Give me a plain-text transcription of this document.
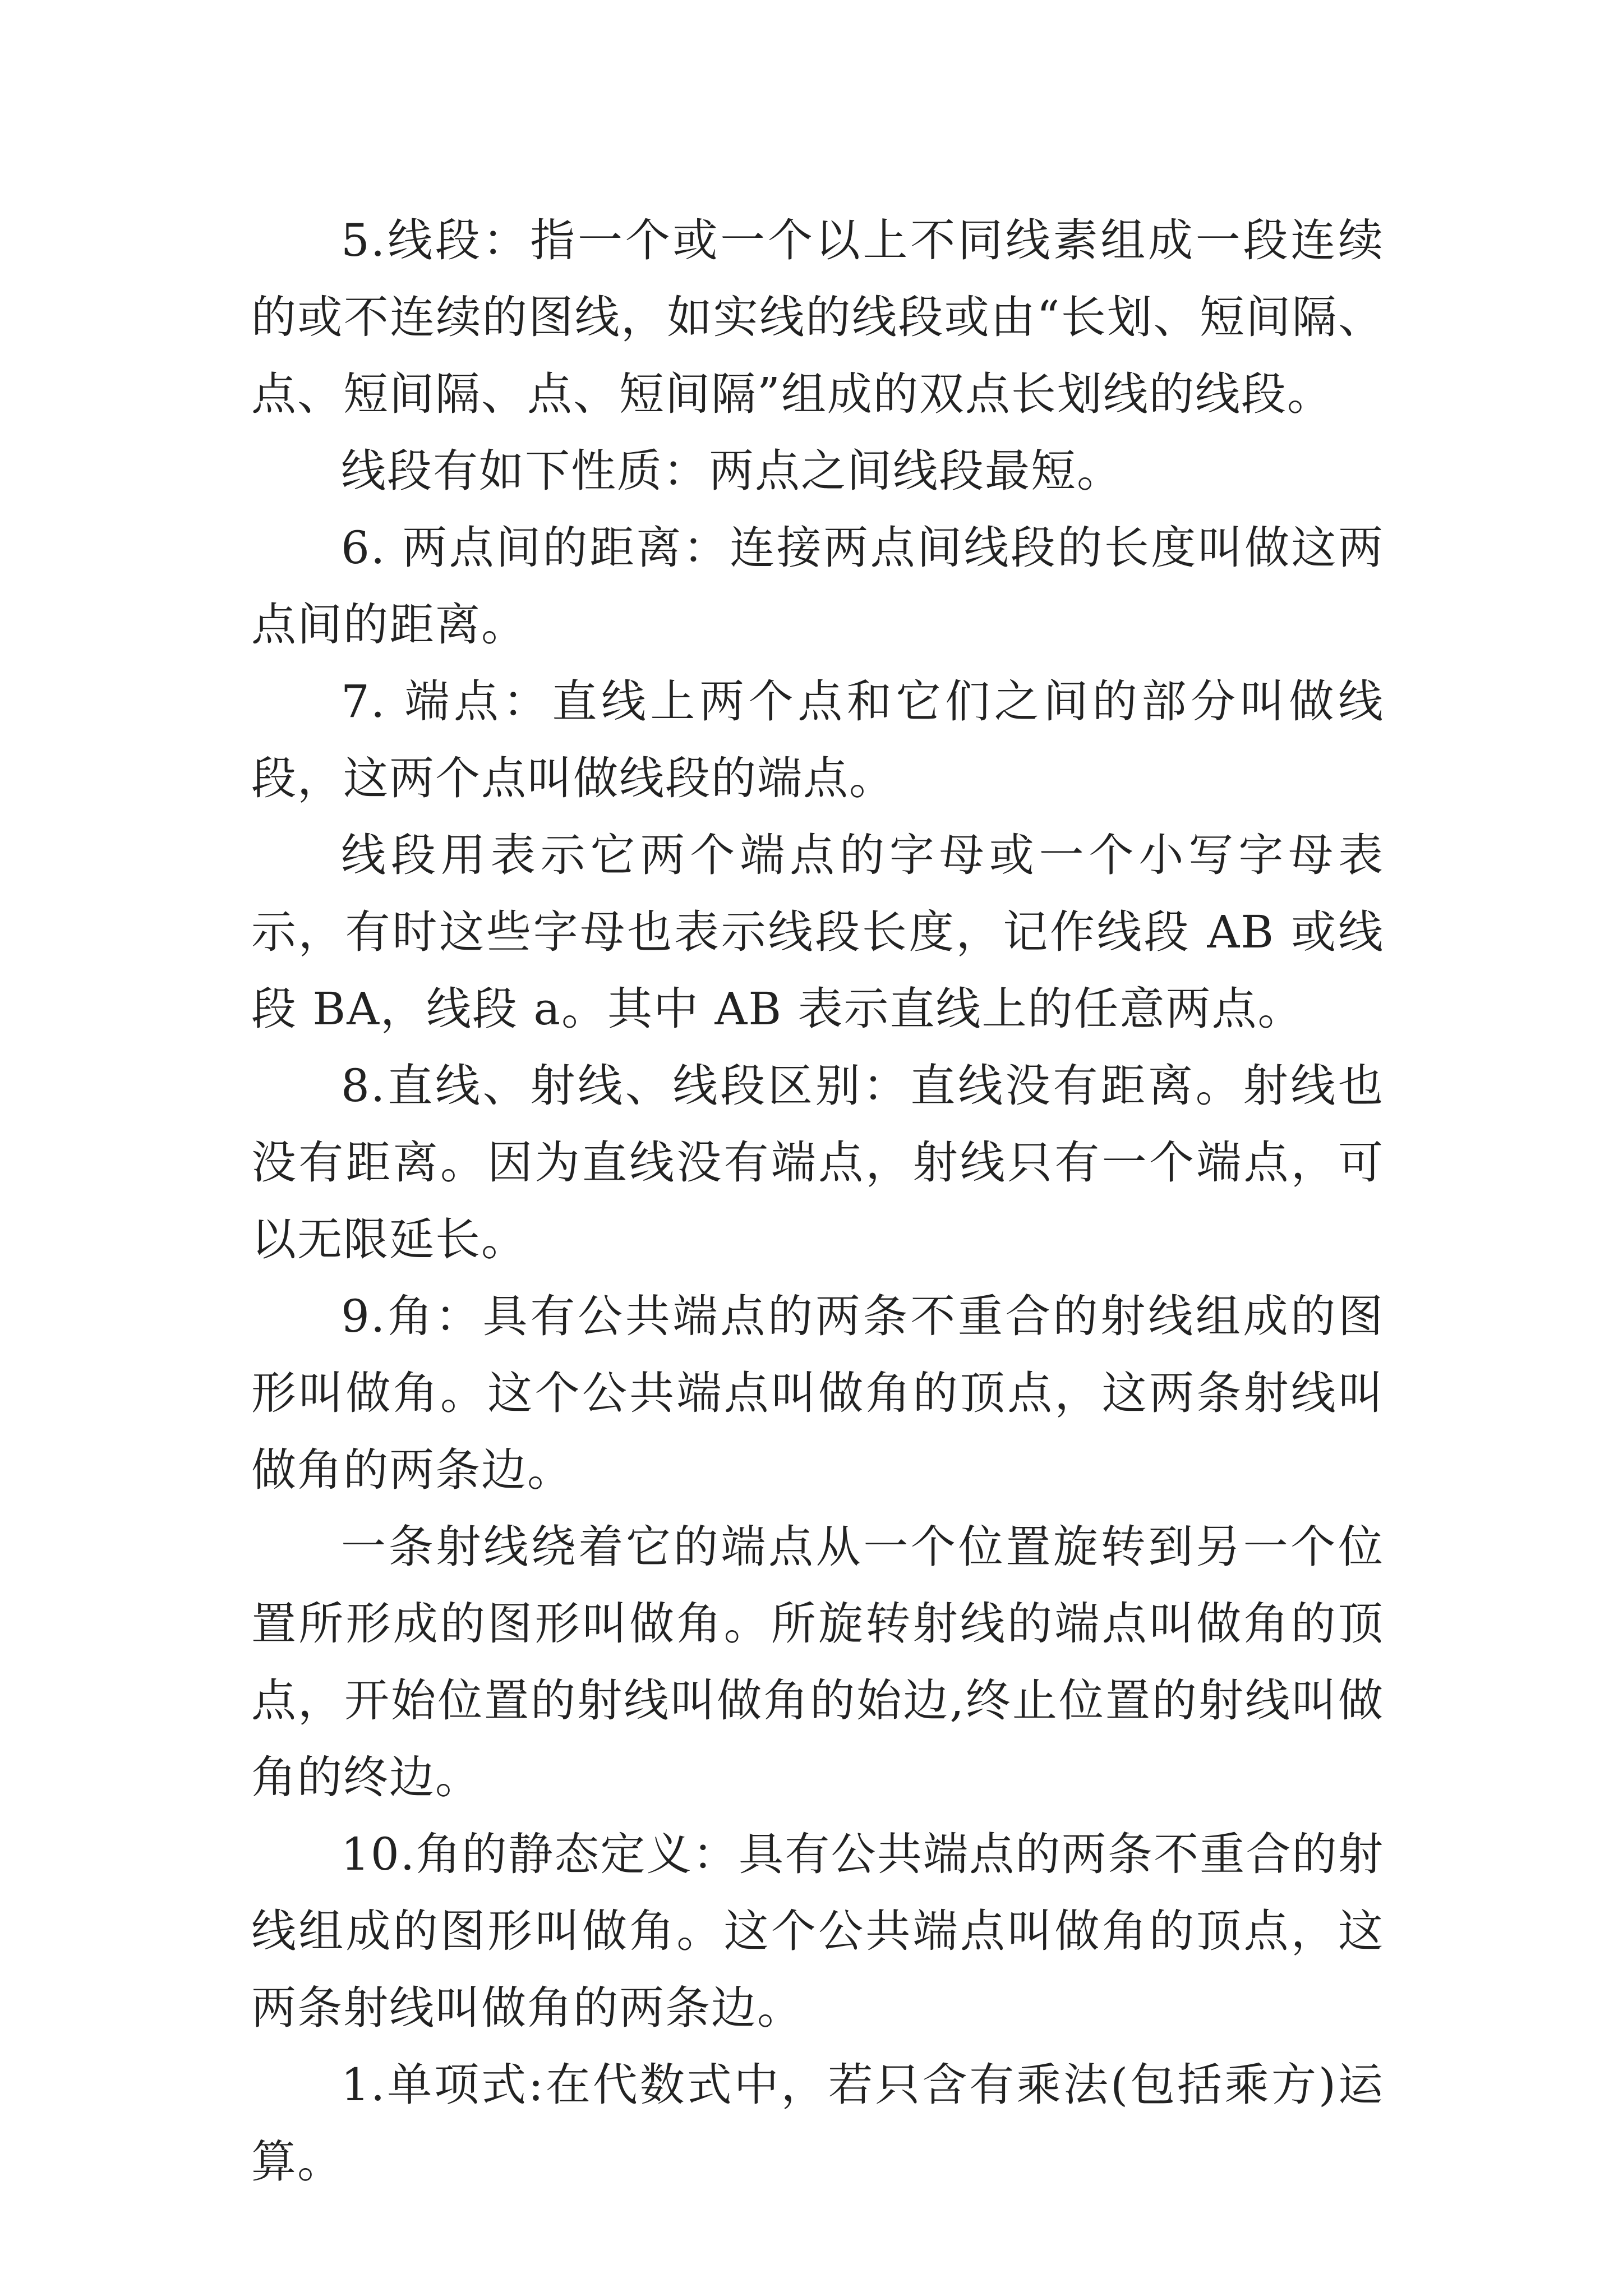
5.线段：指一个或一个以上不同线素组成一段连续的或不连续的图线，如实线的线段或由“长划、短间隔、点、短间隔、点、短间隔”组成的双点长划线的线段。

线段有如下性质：两点之间线段最短。

6. 两点间的距离：连接两点间线段的长度叫做这两点间的距离。

7. 端点：直线上两个点和它们之间的部分叫做线段，这两个点叫做线段的端点。

线段用表示它两个端点的字母或一个小写字母表示，有时这些字母也表示线段长度，记作线段 AB 或线段 BA，线段 a。其中 AB 表示直线上的任意两点。

8.直线、射线、线段区别：直线没有距离。射线也没有距离。因为直线没有端点，射线只有一个端点，可以无限延长。

9.角：具有公共端点的两条不重合的射线组成的图形叫做角。这个公共端点叫做角的顶点，这两条射线叫做角的两条边。

一条射线绕着它的端点从一个位置旋转到另一个位置所形成的图形叫做角。所旋转射线的端点叫做角的顶点，开始位置的射线叫做角的始边,终止位置的射线叫做角的终边。

10.角的静态定义：具有公共端点的两条不重合的射线组成的图形叫做角。这个公共端点叫做角的顶点，这两条射线叫做角的两条边。

1.单项式:在代数式中，若只含有乘法(包括乘方)运算。
